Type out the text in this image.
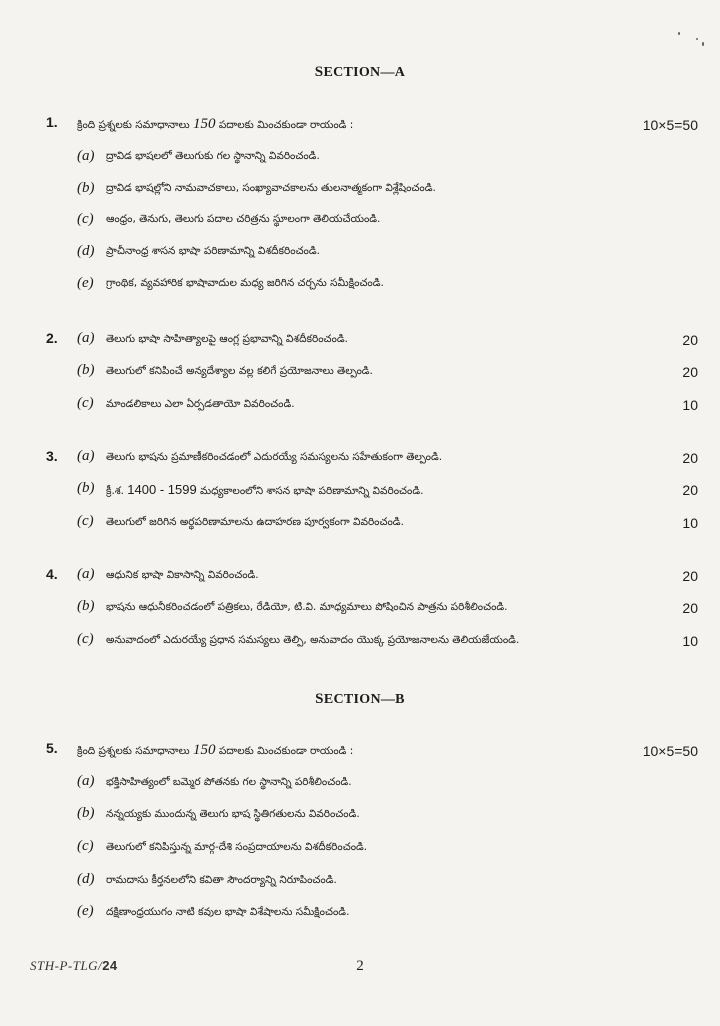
SECTION—A
1.	క్రింది ప్రశ్నలకు సమాధానాలు 150 పదాలకు మించకుండా రాయండి :	10×5=50
(a)	ద్రావిడ భాషలలో తెలుగుకు గల స్థానాన్ని వివరించండి.
(b)	ద్రావిడ భాషల్లోని నామవాచకాలు, సంఖ్యావాచకాలను తులనాత్మకంగా విశ్లేషించండి.
(c)	ఆంధ్రం, తెనుగు, తెలుగు పదాల చరిత్రను స్థూలంగా తెలియచేయండి.
(d)	ప్రాచీనాంధ్ర శాసన భాషా పరిణామాన్ని విశదీకరించండి.
(e)	గ్రాంథిక, వ్యవహారిక భాషావాదుల మధ్య జరిగిన చర్చను సమీక్షించండి.
2.	(a)	తెలుగు భాషా సాహిత్యాలపై ఆంగ్ల ప్రభావాన్ని విశదీకరించండి.	20
(b)	తెలుగులో కనిపించే అన్యదేశ్యాల వల్ల కలిగే ప్రయోజనాలు తెల్పండి.	20
(c)	మాండలికాలు ఎలా ఏర్పడతాయో వివరించండి.	10
3.	(a)	తెలుగు భాషను ప్రమాణీకరించడంలో ఎదురయ్యే సమస్యలను సహేతుకంగా తెల్పండి.	20
(b)	క్రీ.శ. 1400 - 1599 మధ్యకాలంలోని శాసన భాషా పరిణామాన్ని వివరించండి.	20
(c)	తెలుగులో జరిగిన అర్థపరిణామాలను ఉదాహరణ పూర్వకంగా వివరించండి.	10
4.	(a)	ఆధునిక భాషా వికాసాన్ని వివరించండి.	20
(b)	భాషను ఆధునీకరించడంలో పత్రికలు, రేడియో, టి.వి. మాధ్యమాలు పోషించిన పాత్రను పరిశీలించండి.	20
(c)	అనువాదంలో ఎదురయ్యే ప్రధాన సమస్యలు తెల్పి, అనువాదం యొక్క ప్రయోజనాలను తెలియజేయండి.	10
SECTION—B
5.	క్రింది ప్రశ్నలకు సమాధానాలు 150 పదాలకు మించకుండా రాయండి :	10×5=50
(a)	భక్తిసాహిత్యంలో బమ్మెర పోతనకు గల స్థానాన్ని పరిశీలించండి.
(b)	నన్నయ్యకు ముందున్న తెలుగు భాష స్థితిగతులను వివరించండి.
(c)	తెలుగులో కనిపిస్తున్న మార్గ-దేశి సంప్రదాయాలను విశదీకరించండి.
(d)	రామదాసు కీర్తనలలోని కవితా సౌందర్యాన్ని నిరూపించండి.
(e)	దక్షిణాంధ్రయుగం నాటి కవుల భాషా విశేషాలను సమీక్షించండి.
STH-P-TLG/24	2
